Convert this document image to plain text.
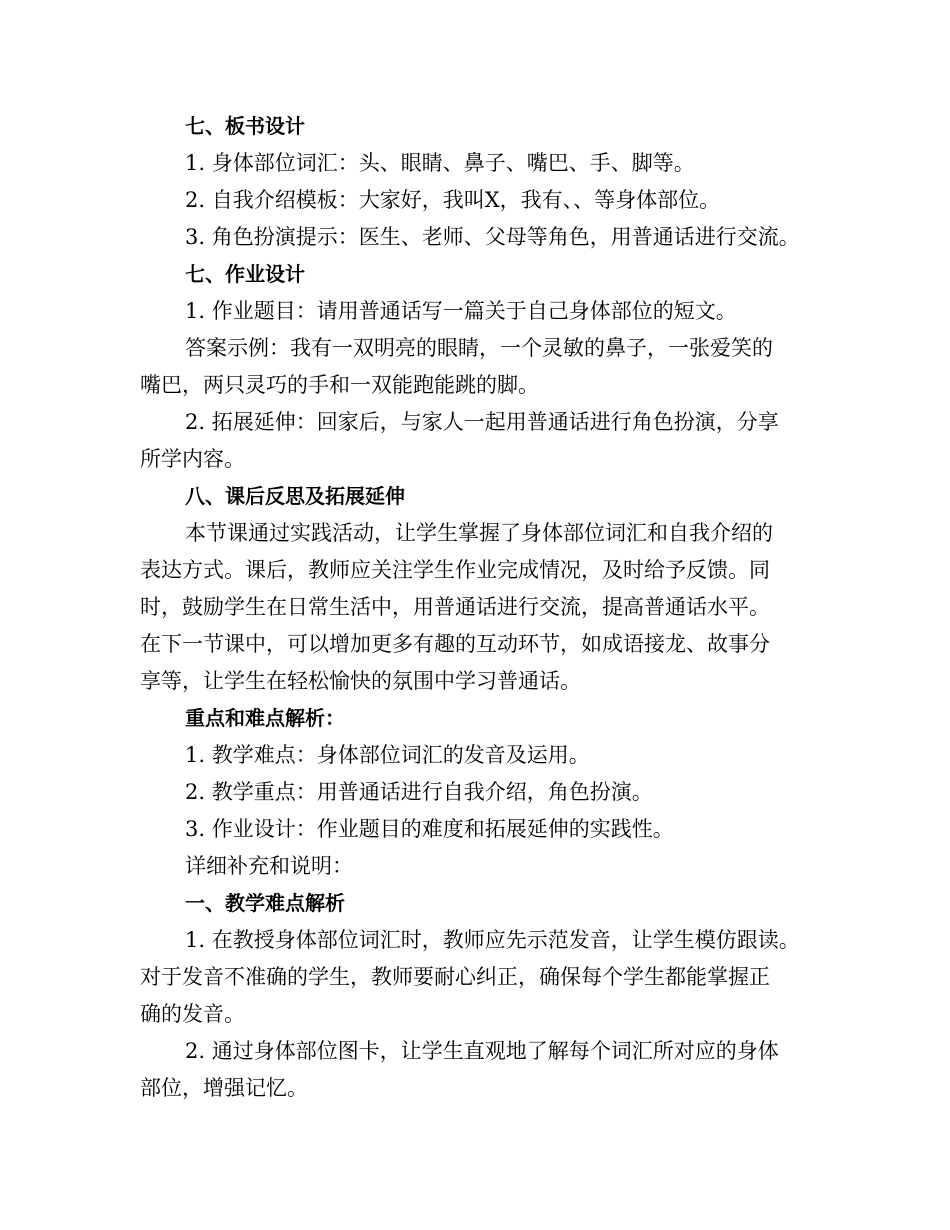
七、板书设计
1. 身体部位词汇：头、眼睛、鼻子、嘴巴、手、脚等。
2. 自我介绍模板：大家好，我叫X，我有、、等身体部位。
3. 角色扮演提示：医生、老师、父母等角色，用普通话进行交流。
七、作业设计
1. 作业题目：请用普通话写一篇关于自己身体部位的短文。
答案示例：我有一双明亮的眼睛，一个灵敏的鼻子，一张爱笑的
嘴巴，两只灵巧的手和一双能跑能跳的脚。
2. 拓展延伸：回家后，与家人一起用普通话进行角色扮演，分享
所学内容。
八、课后反思及拓展延伸
本节课通过实践活动，让学生掌握了身体部位词汇和自我介绍的
表达方式。课后，教师应关注学生作业完成情况，及时给予反馈。同
时，鼓励学生在日常生活中，用普通话进行交流，提高普通话水平。
在下一节课中，可以增加更多有趣的互动环节，如成语接龙、故事分
享等，让学生在轻松愉快的氛围中学习普通话。
重点和难点解析：
1. 教学难点：身体部位词汇的发音及运用。
2. 教学重点：用普通话进行自我介绍，角色扮演。
3. 作业设计：作业题目的难度和拓展延伸的实践性。
详细补充和说明：
一、教学难点解析
1. 在教授身体部位词汇时，教师应先示范发音，让学生模仿跟读。
对于发音不准确的学生，教师要耐心纠正，确保每个学生都能掌握正
确的发音。
2. 通过身体部位图卡，让学生直观地了解每个词汇所对应的身体
部位，增强记忆。
